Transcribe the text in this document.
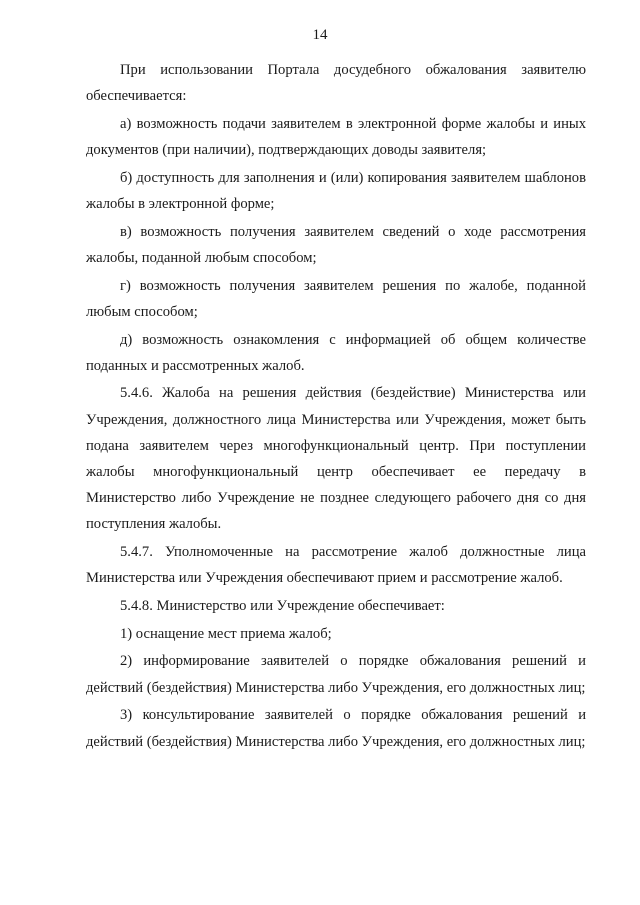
14

При использовании Портала досудебного обжалования заявителю обеспечивается:

а) возможность подачи заявителем в электронной форме жалобы и иных документов (при наличии), подтверждающих доводы заявителя;

б) доступность для заполнения и (или) копирования заявителем шаблонов жалобы в электронной форме;

в) возможность получения заявителем сведений о ходе рассмотрения жалобы, поданной любым способом;

г) возможность получения заявителем решения по жалобе, поданной любым способом;

д) возможность ознакомления с информацией об общем количестве поданных и рассмотренных жалоб.

5.4.6. Жалоба на решения действия (бездействие) Министерства или Учреждения, должностного лица Министерства или Учреждения, может быть подана заявителем через многофункциональный центр. При поступлении жалобы многофункциональный центр обеспечивает ее передачу в Министерство либо Учреждение не позднее следующего рабочего дня со дня поступления жалобы.

5.4.7. Уполномоченные на рассмотрение жалоб должностные лица Министерства или Учреждения обеспечивают прием и рассмотрение жалоб.

5.4.8. Министерство или Учреждение обеспечивает:

1) оснащение мест приема жалоб;

2) информирование заявителей о порядке обжалования решений и действий (бездействия) Министерства либо Учреждения, его должностных лиц;

3) консультирование заявителей о порядке обжалования решений и действий (бездействия) Министерства либо Учреждения, его должностных лиц;
